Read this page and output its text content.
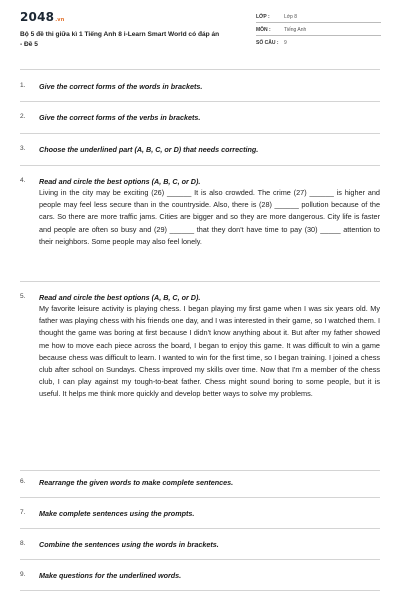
2048.vn
Bộ 5 đề thi giữa kì 1 Tiếng Anh 8 i-Learn Smart World có đáp án - Đề 5
LỚP :	Lớp 8
MÔN :	Tiếng Anh
SỐ CÂU : 9
1. Give the correct forms of the words in brackets.
2. Give the correct forms of the verbs in brackets.
3. Choose the underlined part (A, B, C, or D) that needs correcting.
4. Read and circle the best options (A, B, C, or D).

Living in the city may be exciting (26) ______ It is also crowded. The crime (27) ______ is higher and people may feel less secure than in the countryside. Also, there is (28) ______ pollution because of the cars. So there are more traffic jams. Cities are bigger and so they are more dangerous. City life is faster and people are often so busy and (29) ______ that they don't have time to pay (30) _____ attention to their neighbors. Some people may also feel lonely.

5. Read and circle the best options (A, B, C, or D).

My favorite leisure activity is playing chess. I began playing my first game when I was six years old. My father was playing chess with his friends one day, and I was interested in their game, so I watched them. I thought the game was boring at first because I didn't know anything about it. But after my father showed me how to move each piece across the board, I began to enjoy this game. It was difficult to win a game because chess was difficult to learn. I wanted to win for the first time, so I began training. I joined a chess club after school on Sundays. Chess improved my skills over time. Now that I'm a member of the chess club, I can play against my tough-to-beat father. Chess might sound boring to some people, but it is useful. It helps me think more quickly and develop better ways to solve my problems.

6. Rearrange the given words to make complete sentences.
7. Make complete sentences using the prompts.
8. Combine the sentences using the words in brackets.
9. Make questions for the underlined words.
